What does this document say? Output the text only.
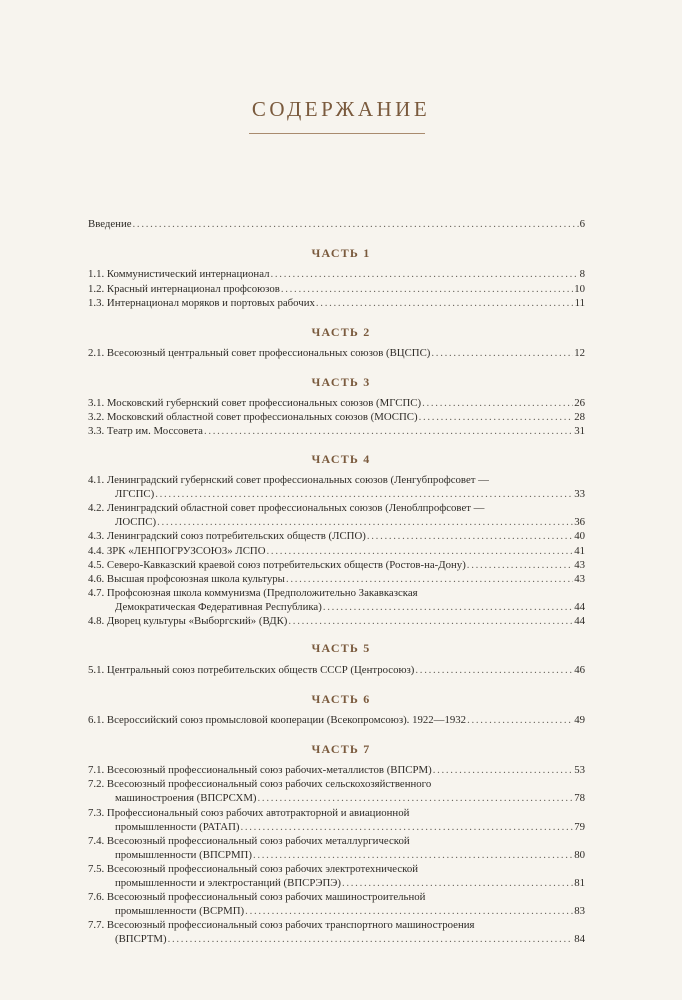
СОДЕРЖАНИЕ
Введение . . .	6
ЧАСТЬ 1
1.1. Коммунистический интернационал . . .	8
1.2. Красный интернационал профсоюзов . . .	10
1.3. Интернационал моряков и портовых рабочих . . .	11
ЧАСТЬ 2
2.1. Всесоюзный центральный совет профессиональных союзов (ВЦСПС) . . .	12
ЧАСТЬ 3
3.1. Московский губернский совет профессиональных союзов (МГСПС) . . .	26
3.2. Московский областной совет профессиональных союзов (МОСПС) . . .	28
3.3. Театр им. Моссовета . . .	31
ЧАСТЬ 4
4.1. Ленинградский губернский совет профессиональных союзов (Ленгубпрофсовет —
ЛГСПС) . . .	33
4.2. Ленинградский областной совет профессиональных союзов (Леноблпрофсовет —
ЛОСПС) . . .	36
4.3. Ленинградский союз потребительских обществ (ЛСПО) . . .	40
4.4. ЗРК «ЛЕНПОГРУЗСОЮЗ» ЛСПО . . .	41
4.5. Северо-Кавказский краевой союз потребительских обществ (Ростов-на-Дону) . . .	43
4.6. Высшая профсоюзная школа культуры . . .	43
4.7. Профсоюзная школа коммунизма (Предположительно Закавказская
Демократическая Федеративная Республика) . . .	44
4.8. Дворец культуры «Выборгский» (ВДК) . . .	44
ЧАСТЬ 5
5.1. Центральный союз потребительских обществ СССР (Центросоюз) . . .	46
ЧАСТЬ 6
6.1. Всероссийский союз промысловой кооперации (Всекопромсоюз). 1922—1932 . . .	49
ЧАСТЬ 7
7.1. Всесоюзный профессиональный союз рабочих-металлистов (ВПСРМ) . . .	53
7.2. Всесоюзный профессиональный союз рабочих сельскохозяйственного
машиностроения (ВПСРСХМ) . . .	78
7.3. Профессиональный союз рабочих автотракторной и авиационной
промышленности (РАТАП) . . .	79
7.4. Всесоюзный профессиональный союз рабочих металлургической
промышленности (ВПСРМП) . . .	80
7.5. Всесоюзный профессиональный союз рабочих электротехнической
промышленности и электростанций (ВПСРЭПЭ) . . .	81
7.6. Всесоюзный профессиональный союз рабочих машиностроительной
промышленности (ВСРМП) . . .	83
7.7. Всесоюзный профессиональный союз рабочих транспортного машиностроения
(ВПСРТМ) . . .	84
